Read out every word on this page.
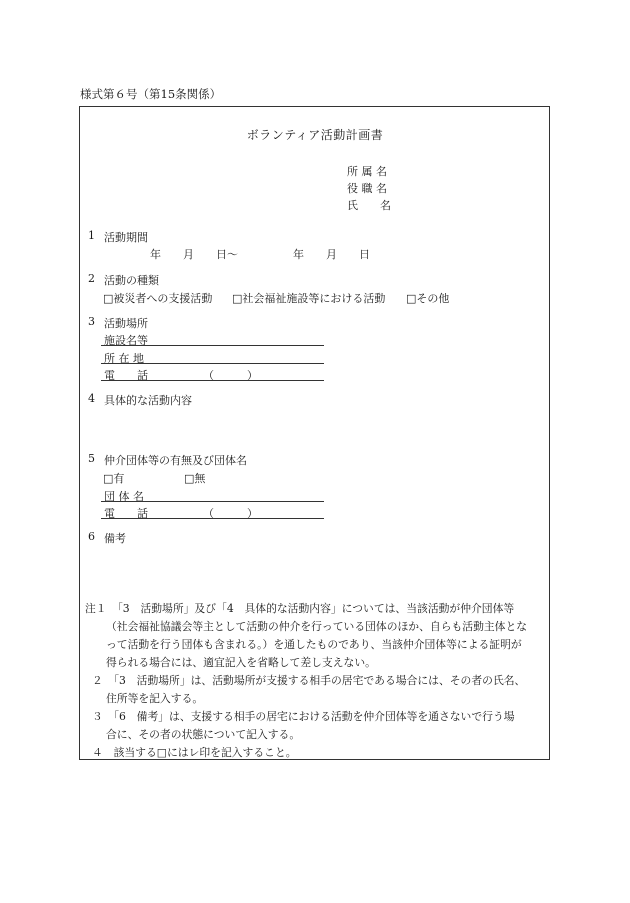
様式第６号（第15条関係）
ボランティア活動計画書
所 属 名
役 職 名
氏　　名
1 活動期間
年　　月　　日〜　　　　　年　　月　　日
2 活動の種類
□被災者への支援活動 □社会福祉施設等における活動 □その他
3 活動場所
施設名等
所 在 地
電　　話	（　　　）
4 具体的な活動内容
5 仲介団体等の有無及び団体名
□有	□無
団 体 名
電　　話	（　　　）
6 備考
注１　「3　活動場所」及び「4　具体的な活動内容」については、当該活動が仲介団体等
（社会福祉協議会等主として活動の仲介を行っている団体のほか、自らも活動主体とな
って活動を行う団体も含まれる。）を通したものであり、当該仲介団体等による証明が
得られる場合には、適宜記入を省略して差し支えない。
２　「3　活動場所」は、活動場所が支援する相手の居宅である場合には、その者の氏名、
住所等を記入する。
３　「6　備考」は、支援する相手の居宅における活動を仲介団体等を通さないで行う場
合に、その者の状態について記入する。
４　該当する□にはレ印を記入すること。
